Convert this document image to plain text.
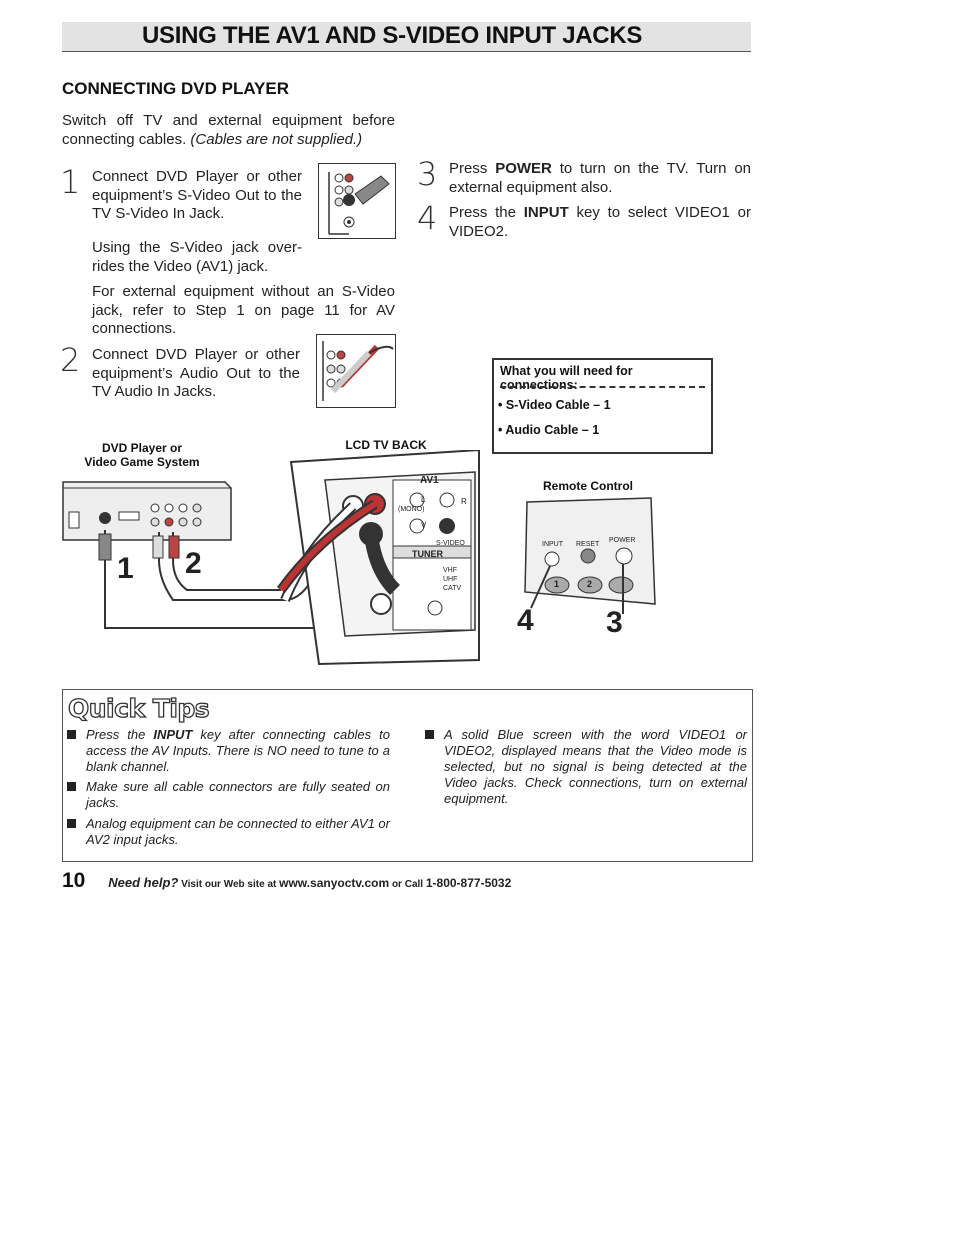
USING THE AV1 AND S-VIDEO INPUT JACKS
CONNECTING DVD PLAYER
Switch off TV and external equipment before connecting cables. (Cables are not supplied.)
1 Connect DVD Player or other equipment’s S-Video Out to the TV S-Video In Jack.
Using the S-Video jack over-rides the Video (AV1) jack.
For external equipment without an S-Video jack, refer to Step 1 on page 11 for AV connections.
2 Connect DVD Player or other equipment’s Audio Out to the TV Audio In Jacks.
3 Press POWER to turn on the TV. Turn on external equipment also.
4 Press the INPUT key to select VIDEO1 or VIDEO2.
What you will need for connections:
• S-Video Cable – 1
• Audio Cable – 1
DVD Player or
Video Game System
LCD TV BACK
Remote Control
1 2
3
4
AV1
L	R
(MONO)
V
S-VIDEO
TUNER
VHF
UHF
CATV
INPUT RESET
POWER
1	2
Quick Tips
Press the INPUT key after connecting cables to access the AV Inputs. There is NO need to tune to a blank channel.
Make sure all cable connectors are fully seated on jacks.
Analog equipment can be connected to either AV1 or AV2 input jacks.
A solid Blue screen with the word VIDEO1 or VIDEO2, displayed means that the Video mode is selected, but no signal is being detected at the Video jacks. Check connections, turn on external equipment.
10 Need help? Visit our Web site at www.sanyoctv.com or Call 1-800-877-5032
